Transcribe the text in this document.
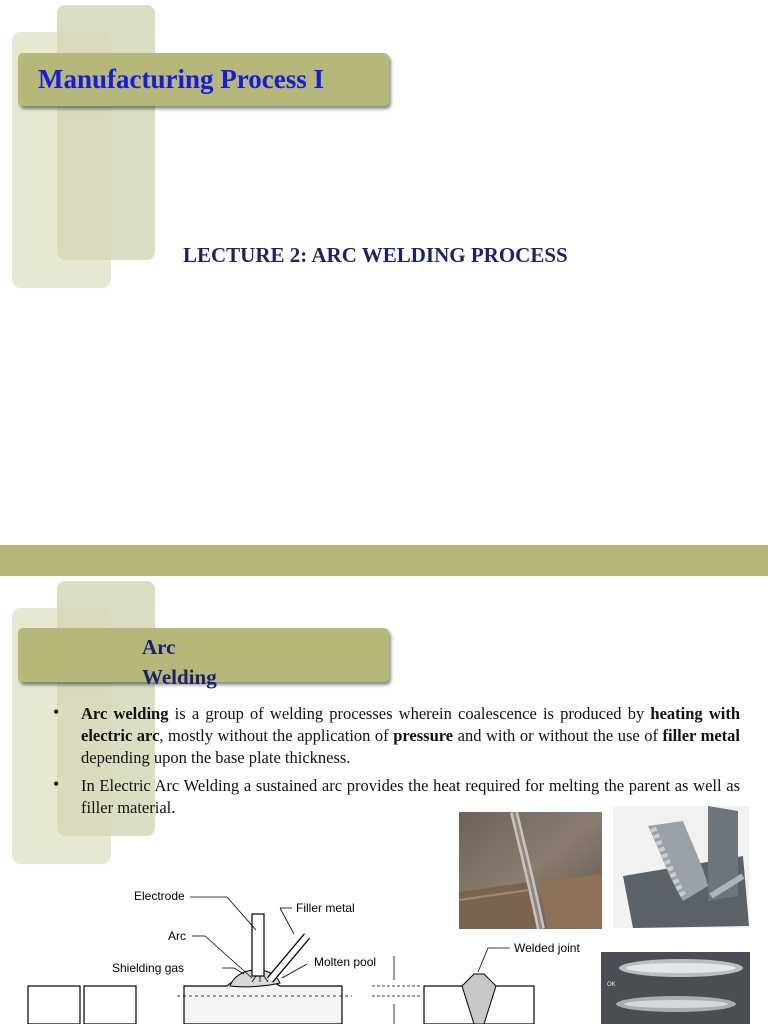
Manufacturing Process I
LECTURE 2: ARC WELDING PROCESS
Arc
Welding
• Arc welding is a group of welding processes wherein coalescence is produced by heating with electric arc, mostly without the application of pressure and with or without the use of filler metal depending upon the base plate thickness.
• In Electric Arc Welding a sustained arc provides the heat required for melting the parent as well as filler material.
OK
Electrode
Filler metal
Arc
Molten pool
Shielding gas
Welded joint
